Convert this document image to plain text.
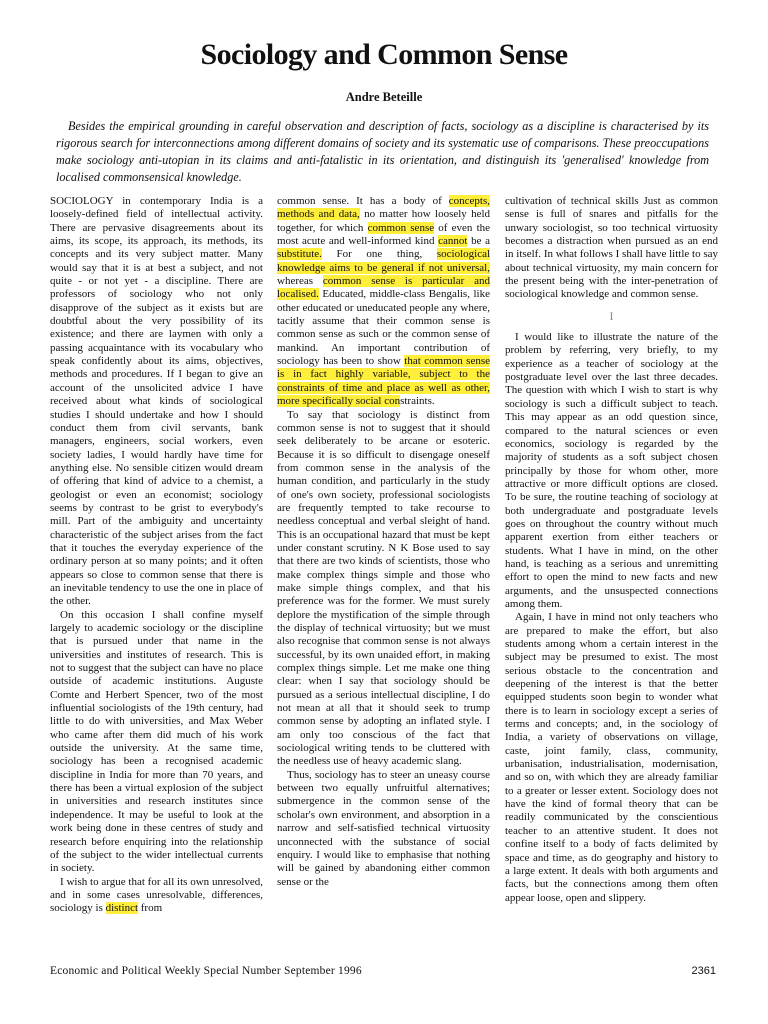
Sociology and Common Sense
Andre Beteille
Besides the empirical grounding in careful observation and description of facts, sociology as a discipline is characterised by its rigorous search for interconnections among different domains of society and its systematic use of comparisons. These preoccupations make sociology anti-utopian in its claims and anti-fatalistic in its orientation, and distinguish its 'generalised' knowledge from localised commonsensical knowledge.

SOCIOLOGY in contemporary India is a loosely-defined field of intellectual activity. There are pervasive disagreements about its aims, its scope, its approach, its methods, its concepts and its very subject matter. Many would say that it is at best a subject, and not quite - or not yet - a discipline. There are professors of sociology who not only disapprove of the subject as it exists but are doubtful about the very possibility of its existence; and there are laymen with only a passing acquaintance with its vocabulary who speak confidently about its aims, objectives, methods and procedures. If I began to give an account of the unsolicited advice I have received about what kinds of sociological studies I should undertake and how I should conduct them from civil servants, bank managers, engineers, social workers, even society ladies, I would hardly have time for anything else. No sensible citizen would dream of offering that kind of advice to a chemist, a geologist or even an economist; sociology seems by contrast to be grist to everybody's mill. Part of the ambiguity and uncertainty characteristic of the subject arises from the fact that it touches the everyday experience of the ordinary person at so many points; and it often appears so close to common sense that there is an inevitable tendency to use the one in place of the other.

On this occasion I shall confine myself largely to academic sociology or the discipline that is pursued under that name in the universities and institutes of research. This is not to suggest that the subject can have no place outside of academic institutions. Auguste Comte and Herbert Spencer, two of the most influential sociologists of the 19th century, had little to do with universities, and Max Weber who came after them did much of his work outside the university. At the same time, sociology has been a recognised academic discipline in India for more than 70 years, and there has been a virtual explosion of the subject in universities and research institutes since independence. It may be useful to look at the work being done in these centres of study and research before enquiring into the relationship of the subject to the wider intellectual currents in society.

I wish to argue that for all its own unresolved, and in some cases unresolvable, differences, sociology is distinct from

common sense. It has a body of concepts, methods and data, no matter how loosely held together, for which common sense of even the most acute and well-informed kind cannot be a substitute. For one thing, sociological knowledge aims to be general if not universal, whereas common sense is particular and localised. Educated, middle-class Bengalis, like other educated or uneducated people any where, tacitly assume that their common sense is common sense as such or the common sense of mankind. An important contribution of sociology has been to show that common sense is in fact highly variable, subject to the constraints of time and place as well as other, more specifically social constraints.

To say that sociology is distinct from common sense is not to suggest that it should seek deliberately to be arcane or esoteric. Because it is so difficult to disengage oneself from common sense in the analysis of the human condition, and particularly in the study of one's own society, professional sociologists are frequently tempted to take recourse to needless conceptual and verbal sleight of hand. This is an occupational hazard that must be kept under constant scrutiny. N K Bose used to say that there are two kinds of scientists, those who make complex things simple and those who make simple things complex, and that his preference was for the former. We must surely deplore the mystification of the simple through the display of technical virtuosity; but we must also recognise that common sense is not always successful, by its own unaided effort, in making complex things simple. Let me make one thing clear: when I say that sociology should be pursued as a serious intellectual discipline, I do not mean at all that it should seek to trump common sense by adopting an inflated style. I am only too conscious of the fact that sociological writing tends to be cluttered with the needless use of heavy academic slang.

Thus, sociology has to steer an uneasy course between two equally unfruitful alternatives; submergence in the common sense of the scholar's own environment, and absorption in a narrow and self-satisfied technical virtuosity unconnected with the substance of social enquiry. I would like to emphasise that nothing will be gained by abandoning either common sense or the

cultivation of technical skills Just as common sense is full of snares and pitfalls for the unwary sociologist, so too technical virtuosity becomes a distraction when pursued as an end in itself. In what follows I shall have little to say about technical virtuosity, my main concern for the present being with the inter-penetration of sociological knowledge and common sense.

I

I would like to illustrate the nature of the problem by referring, very briefly, to my experience as a teacher of sociology at the postgraduate level over the last three decades. The question with which I wish to start is why sociology is such a difficult subject to teach. This may appear as an odd question since, compared to the natural sciences or even economics, sociology is regarded by the majority of students as a soft subject chosen principally by those for whom other, more attractive or more difficult options are closed. To be sure, the routine teaching of sociology at both undergraduate and postgraduate levels goes on throughout the country without much apparent exertion from either teachers or students. What I have in mind, on the other hand, is teaching as a serious and unremitting effort to open the mind to new facts and new arguments, and the unsuspected connections among them.

Again, I have in mind not only teachers who are prepared to make the effort, but also students among whom a certain interest in the subject may be presumed to exist. The most serious obstacle to the concentration and deepening of the interest is that the better equipped students soon begin to wonder what there is to learn in sociology except a series of terms and concepts; and, in the sociology of India, a variety of observations on village, caste, joint family, class, community, urbanisation, industrialisation, modernisation, and so on, with which they are already familiar to a greater or lesser extent. Sociology does not have the kind of formal theory that can be readily communicated by the conscientious teacher to an attentive student. It does not confine itself to a body of facts delimited by space and time, as do geography and history to a large extent. It deals with both arguments and facts, but the connections among them often appear loose, open and slippery.

Economic and Political Weekly Special Number September 1996	2361
